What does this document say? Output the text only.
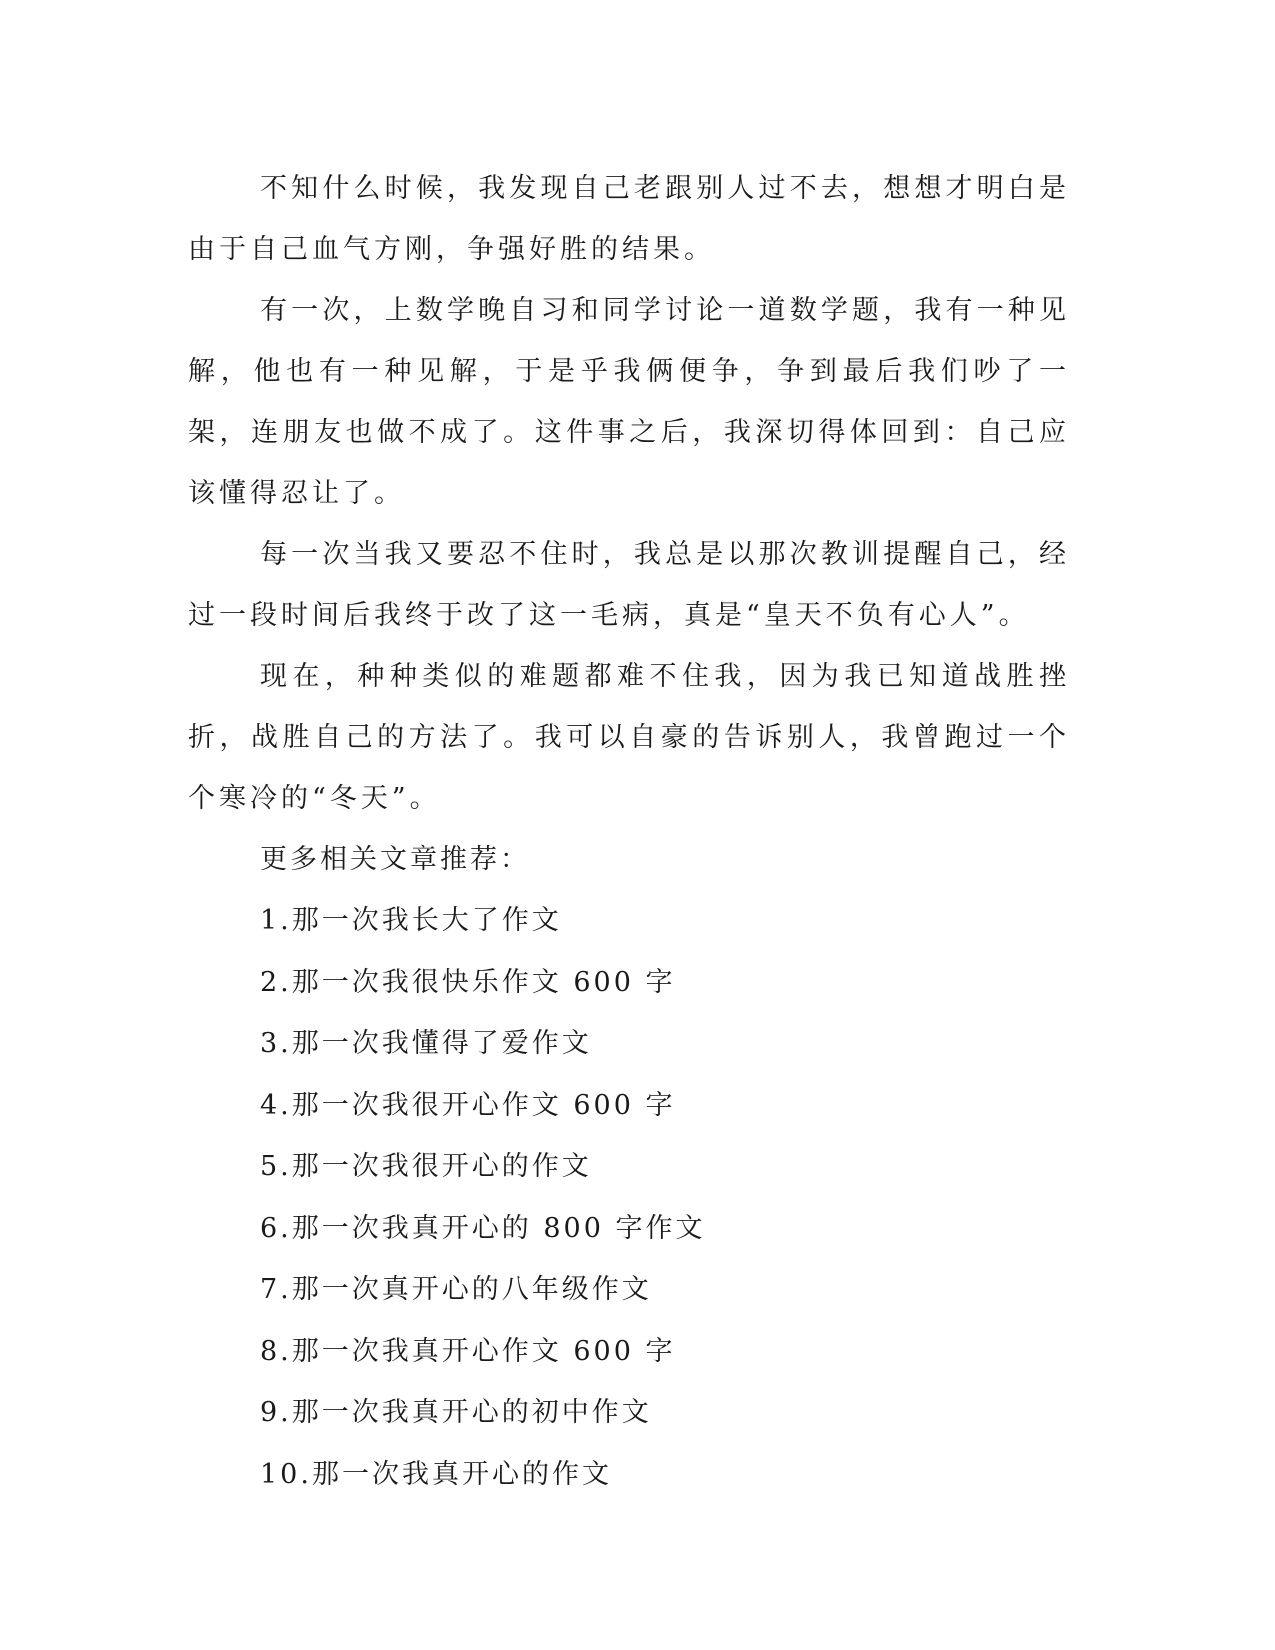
不知什么时候，我发现自己老跟别人过不去，想想才明白是由于自己血气方刚，争强好胜的结果。

有一次，上数学晚自习和同学讨论一道数学题，我有一种见解，他也有一种见解，于是乎我俩便争，争到最后我们吵了一架，连朋友也做不成了。这件事之后，我深切得体回到：自己应该懂得忍让了。

每一次当我又要忍不住时，我总是以那次教训提醒自己，经过一段时间后我终于改了这一毛病，真是“皇天不负有心人”。

现在，种种类似的难题都难不住我，因为我已知道战胜挫折，战胜自己的方法了。我可以自豪的告诉别人，我曾跑过一个个寒冷的“冬天”。

更多相关文章推荐：

1.那一次我长大了作文
2.那一次我很快乐作文 600 字
3.那一次我懂得了爱作文
4.那一次我很开心作文 600 字
5.那一次我很开心的作文
6.那一次我真开心的 800 字作文
7.那一次真开心的八年级作文
8.那一次我真开心作文 600 字
9.那一次我真开心的初中作文
10.那一次我真开心的作文
